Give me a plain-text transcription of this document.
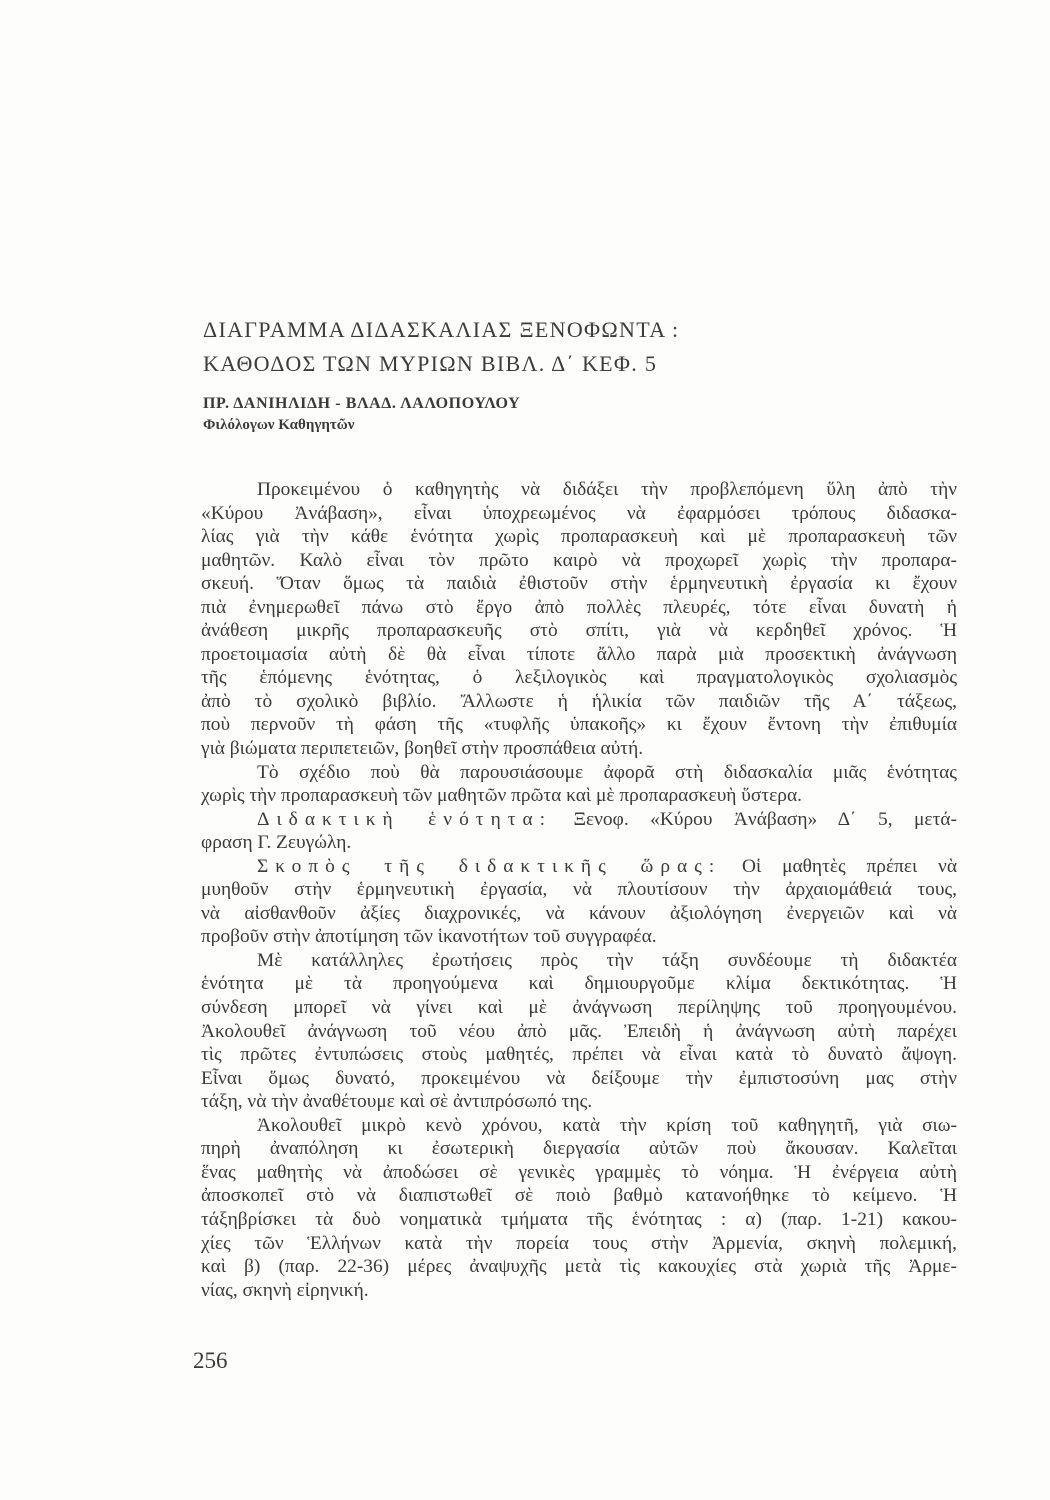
ΔΙΑΓΡΑΜΜΑ ΔΙΔΑΣΚΑΛΙΑΣ ΞΕΝΟΦΩΝΤΑ :
ΚΑΘΟΔΟΣ ΤΩΝ ΜΥΡΙΩΝ ΒΙΒΛ. Δ΄ ΚΕΦ. 5
ΠΡ. ΔΑΝΙΗΛΙΔΗ - ΒΛΑΔ. ΛΑΛΟΠΟΥΛΟΥ
Φιλόλογων Καθηγητῶν
Προκειμένου ὁ καθηγητὴς νὰ διδάξει τὴν προβλεπόμενη ὕλη ἀπὸ τὴν
«Κύρου Ἀνάβαση», εἶναι ὑποχρεωμένος νὰ ἐφαρμόσει τρόπους διδασκα-
λίας γιὰ τὴν κάθε ἑνότητα χωρὶς προπαρασκευὴ καὶ μὲ προπαρασκευὴ τῶν
μαθητῶν. Καλὸ εἶναι τὸν πρῶτο καιρὸ νὰ προχωρεῖ χωρὶς τὴν προπαρα-
σκευή. Ὅταν ὅμως τὰ παιδιὰ ἐθιστοῦν στὴν ἑρμηνευτικὴ ἐργασία κι ἔχουν
πιὰ ἐνημερωθεῖ πάνω στὸ ἔργο ἀπὸ πολλὲς πλευρές, τότε εἶναι δυνατὴ ἡ
ἀνάθεση μικρῆς προπαρασκευῆς στὸ σπίτι, γιὰ νὰ κερδηθεῖ χρόνος. Ἡ
προετοιμασία αὐτὴ δὲ θὰ εἶναι τίποτε ἄλλο παρὰ μιὰ προσεκτικὴ ἀνάγνωση
τῆς ἑπόμενης ἑνότητας, ὁ λεξιλογικὸς καὶ πραγματολογικὸς σχολιασμὸς
ἀπὸ τὸ σχολικὸ βιβλίο. Ἄλλωστε ἡ ἡλικία τῶν παιδιῶν τῆς Α΄ τάξεως,
ποὺ περνοῦν τὴ φάση τῆς «τυφλῆς ὑπακοῆς» κι ἔχουν ἔντονη τὴν ἐπιθυμία
γιὰ βιώματα περιπετειῶν, βοηθεῖ στὴν προσπάθεια αὐτή.
Τὸ σχέδιο ποὺ θὰ παρουσιάσουμε ἀφορᾶ στὴ διδασκαλία μιᾶς ἑνότητας
χωρὶς τὴν προπαρασκευὴ τῶν μαθητῶν πρῶτα καὶ μὲ προπαρασκευὴ ὕστερα.
Διδακτικὴ ἑνότητα: Ξενοφ. «Κύρου Ἀνάβαση» Δ΄ 5, μετά-
φραση Γ. Ζευγώλη.
Σκοπὸς τῆς διδακτικῆς ὥρας: Οἱ μαθητὲς πρέπει νὰ
μυηθοῦν στὴν ἑρμηνευτικὴ ἐργασία, νὰ πλουτίσουν τὴν ἀρχαιομάθειά τους,
νὰ αἰσθανθοῦν ἀξίες διαχρονικές, νὰ κάνουν ἀξιολόγηση ἐνεργειῶν καὶ νὰ
προβοῦν στὴν ἀποτίμηση τῶν ἱκανοτήτων τοῦ συγγραφέα.
Μὲ κατάλληλες ἐρωτήσεις πρὸς τὴν τάξη συνδέουμε τὴ διδακτέα
ἑνότητα μὲ τὰ προηγούμενα καὶ δημιουργοῦμε κλίμα δεκτικότητας. Ἡ
σύνδεση μπορεῖ νὰ γίνει καὶ μὲ ἀνάγνωση περίληψης τοῦ προηγουμένου.
Ἀκολουθεῖ ἀνάγνωση τοῦ νέου ἀπὸ μᾶς. Ἐπειδὴ ἡ ἀνάγνωση αὐτὴ παρέχει
τὶς πρῶτες ἐντυπώσεις στοὺς μαθητές, πρέπει νὰ εἶναι κατὰ τὸ δυνατὸ ἄψογη.
Εἶναι ὅμως δυνατό, προκειμένου νὰ δείξουμε τὴν ἐμπιστοσύνη μας στὴν
τάξη, νὰ τὴν ἀναθέτουμε καὶ σὲ ἀντιπρόσωπό της.
Ἀκολουθεῖ μικρὸ κενὸ χρόνου, κατὰ τὴν κρίση τοῦ καθηγητῆ, γιὰ σιω-
πηρὴ ἀναπόληση κι ἐσωτερικὴ διεργασία αὐτῶν ποὺ ἄκουσαν. Καλεῖται
ἕνας μαθητὴς νὰ ἀποδώσει σὲ γενικὲς γραμμὲς τὸ νόημα. Ἡ ἐνέργεια αὐτὴ
ἀποσκοπεῖ στὸ νὰ διαπιστωθεῖ σὲ ποιὸ βαθμὸ κατανοήθηκε τὸ κείμενο. Ἡ
τάξηβρίσκει τὰ δυὸ νοηματικὰ τμήματα τῆς ἑνότητας : α) (παρ. 1-21) κακου-
χίες τῶν Ἑλλήνων κατὰ τὴν πορεία τους στὴν Ἀρμενία, σκηνὴ πολεμική,
καὶ β) (παρ. 22-36) μέρες ἀναψυχῆς μετὰ τὶς κακουχίες στὰ χωριὰ τῆς Ἀρμε-
νίας, σκηνὴ εἰρηνική.
256
